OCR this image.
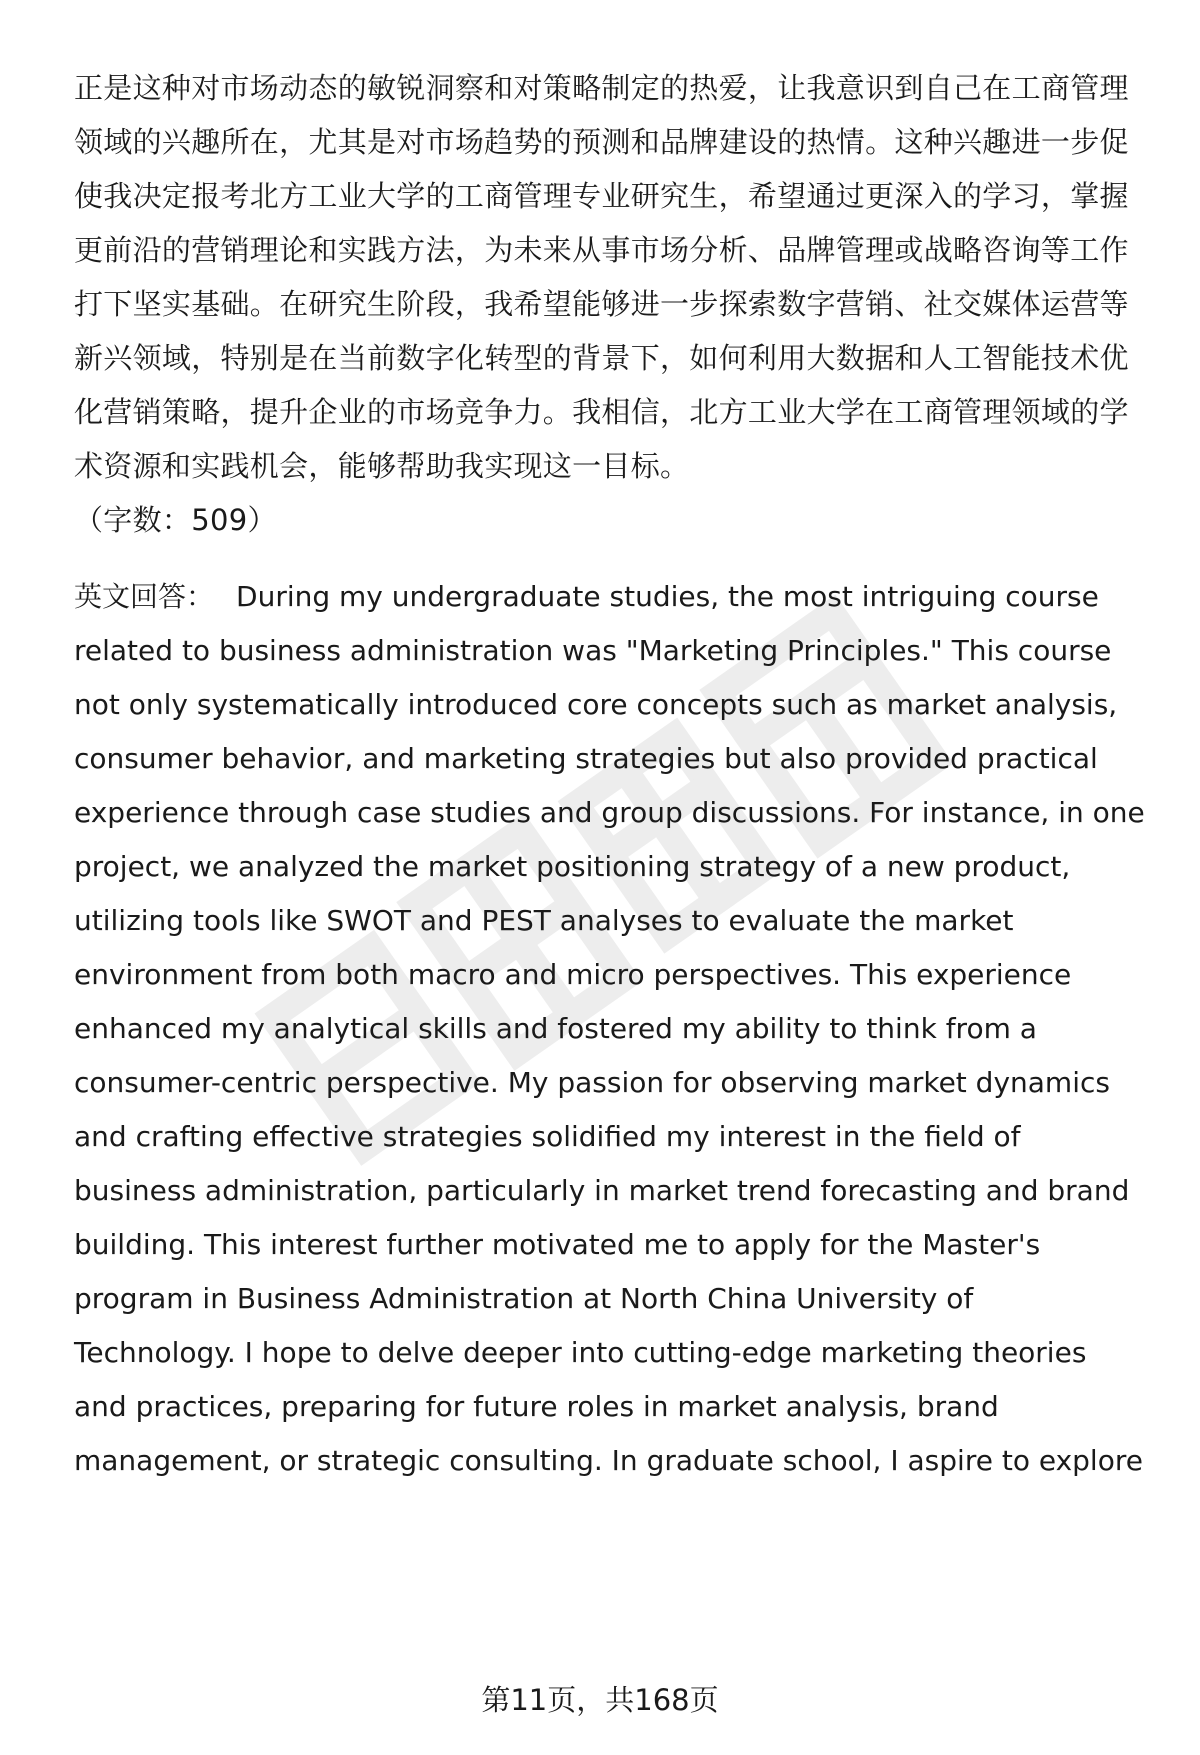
正是这种对市场动态的敏锐洞察和对策略制定的热爱，让我意识到自己在工商管理
领域的兴趣所在，尤其是对市场趋势的预测和品牌建设的热情。这种兴趣进一步促
使我决定报考北方工业大学的工商管理专业研究生，希望通过更深入的学习，掌握
更前沿的营销理论和实践方法，为未来从事市场分析、品牌管理或战略咨询等工作
打下坚实基础。在研究生阶段，我希望能够进一步探索数字营销、社交媒体运营等
新兴领域，特别是在当前数字化转型的背景下，如何利用大数据和人工智能技术优
化营销策略，提升企业的市场竞争力。我相信，北方工业大学在工商管理领域的学
术资源和实践机会，能够帮助我实现这一目标。
（字数：509）
英文回答： During my undergraduate studies, the most intriguing course
related to business administration was "Marketing Principles." This course
not only systematically introduced core concepts such as market analysis,
consumer behavior, and marketing strategies but also provided practical
experience through case studies and group discussions. For instance, in one
project, we analyzed the market positioning strategy of a new product,
utilizing tools like SWOT and PEST analyses to evaluate the market
environment from both macro and micro perspectives. This experience
enhanced my analytical skills and fostered my ability to think from a
consumer-centric perspective. My passion for observing market dynamics
and crafting effective strategies solidified my interest in the field of
business administration, particularly in market trend forecasting and brand
building. This interest further motivated me to apply for the Master's
program in Business Administration at North China University of
Technology. I hope to delve deeper into cutting-edge marketing theories
and practices, preparing for future roles in market analysis, brand
management, or strategic consulting. In graduate school, I aspire to explore
第11页，共168页
